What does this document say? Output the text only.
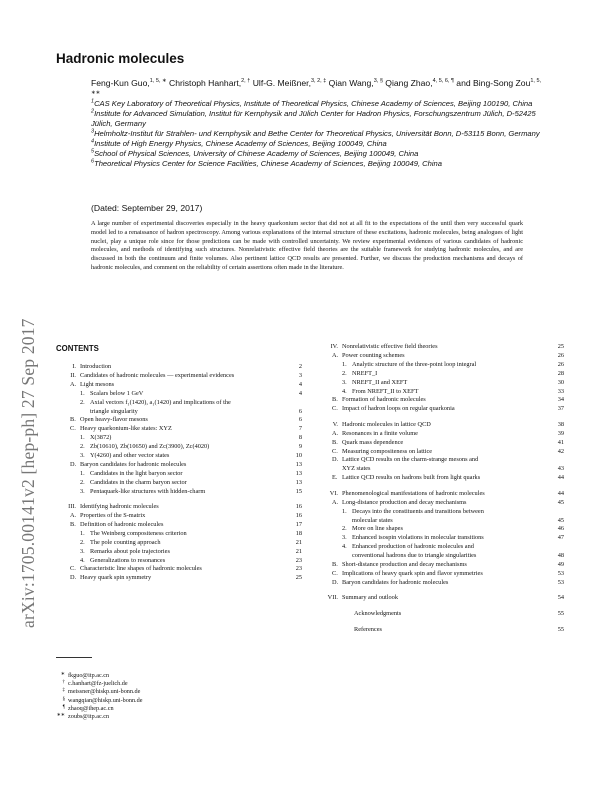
arXiv:1705.00141v2 [hep-ph] 27 Sep 2017
Hadronic molecules
Feng-Kun Guo,$^{1, 5, ∗}$ Christoph Hanhart,$^{2, \dagger}$ Ulf-G. Meißner,$^{3, 2, \ddagger}$ Qian Wang,$^{3, \S}$ Qiang Zhao,$^{4, 5, 6, \P}$ and Bing-Song Zou$^{1, 5, ∗∗}$
$^1$CAS Key Laboratory of Theoretical Physics, Institute of Theoretical Physics, Chinese Academy of Sciences, Beijing 100190, China
$^2$Institute for Advanced Simulation, Institut für Kernphysik and Jülich Center for Hadron Physics, Forschungszentrum Jülich, D-52425 Jülich, Germany
$^3$Helmholtz-Institut für Strahlen- und Kernphysik and Bethe Center for Theoretical Physics, Universität Bonn, D-53115 Bonn, Germany
$^4$Institute of High Energy Physics, Chinese Academy of Sciences, Beijing 100049, China
$^5$School of Physical Sciences, University of Chinese Academy of Sciences, Beijing 100049, China
$^6$Theoretical Physics Center for Science Facilities, Chinese Academy of Sciences, Beijing 100049, China
(Dated: September 29, 2017)

A large number of experimental discoveries especially in the heavy quarkonium sector that did not at all fit to the expectations of the until then very successful quark model led to a renaissance of hadron spectroscopy. Among various explanations of the internal structure of these excitations, hadronic molecules, being analogues of light nuclei, play a unique role since for those predictions can be made with controlled uncertainty. We review experimental evidences of various candidates of hadronic molecules, and methods of identifying such structures. Nonrelativistic effective field theories are the suitable framework for studying hadronic molecules, and are discussed in both the continuum and finite volumes. Also pertinent lattice QCD results are presented. Further, we discuss the production mechanisms and decays of hadronic molecules, and comment on the reliability of certain assertions often made in the literature.

CONTENTS
I. Introduction	2
II. Candidates of hadronic molecules — experimental evidences	3
A. Light mesons	4
1. Scalars below 1 GeV	4
2. Axial vectors f₁(1420), a₁(1420) and implications of the
triangle singularity	6
B. Open heavy-flavor mesons	6
C. Heavy quarkonium-like states: XYZ	7
1. X(3872)	8
2. Zb(10610), Zb(10650) and Zc(3900), Zc(4020)	9
3. Y(4260) and other vector states	10
D. Baryon candidates for hadronic molecules	13
1. Candidates in the light baryon sector	13
2. Candidates in the charm baryon sector	13
3. Pentaquark-like structures with hidden-charm	15
III. Identifying hadronic molecules	16
A. Properties of the S-matrix	16
B. Definition of hadronic molecules	17
1. The Weinberg compositeness criterion	18
2. The pole counting approach	21
3. Remarks about pole trajectories	21
4. Generalizations to resonances	23
C. Characteristic line shapes of hadronic molecules	23
D. Heavy quark spin symmetry	25
IV. Nonrelativistic effective field theories	25
A. Power counting schemes	26
1. Analytic structure of the three-point loop integral	26
2. NREFT_I	28
3. NREFT_II and XEFT	30
4. From NREFT_II to XEFT	33
B. Formation of hadronic molecules	34
C. Impact of hadron loops on regular quarkonia	37
V. Hadronic molecules in lattice QCD	38
A. Resonances in a finite volume	39
B. Quark mass dependence	41
C. Measuring compositeness on lattice	42
D. Lattice QCD results on the charm-strange mesons and
XYZ states	43
E. Lattice QCD results on hadrons built from light quarks	44
VI. Phenomenological manifestations of hadronic molecules	44
A. Long-distance production and decay mechanisms	45
1. Decays into the constituents and transitions between
molecular states	45
2. More on line shapes	46
3. Enhanced isospin violations in molecular transitions	47
4. Enhanced production of hadronic molecules and
conventional hadrons due to triangle singularities	48
B. Short-distance production and decay mechanisms	49
C. Implications of heavy quark spin and flavor symmetries	53
D. Baryon candidates for hadronic molecules	53
VII. Summary and outlook	54
Acknowledgments	55
References	55
∗ fkguo@itp.ac.cn
† c.hanhart@fz-juelich.de
‡ meissner@hiskp.uni-bonn.de
§ wangqian@hiskp.uni-bonn.de
¶ zhaoq@ihep.ac.cn
∗∗ zoubs@itp.ac.cn
